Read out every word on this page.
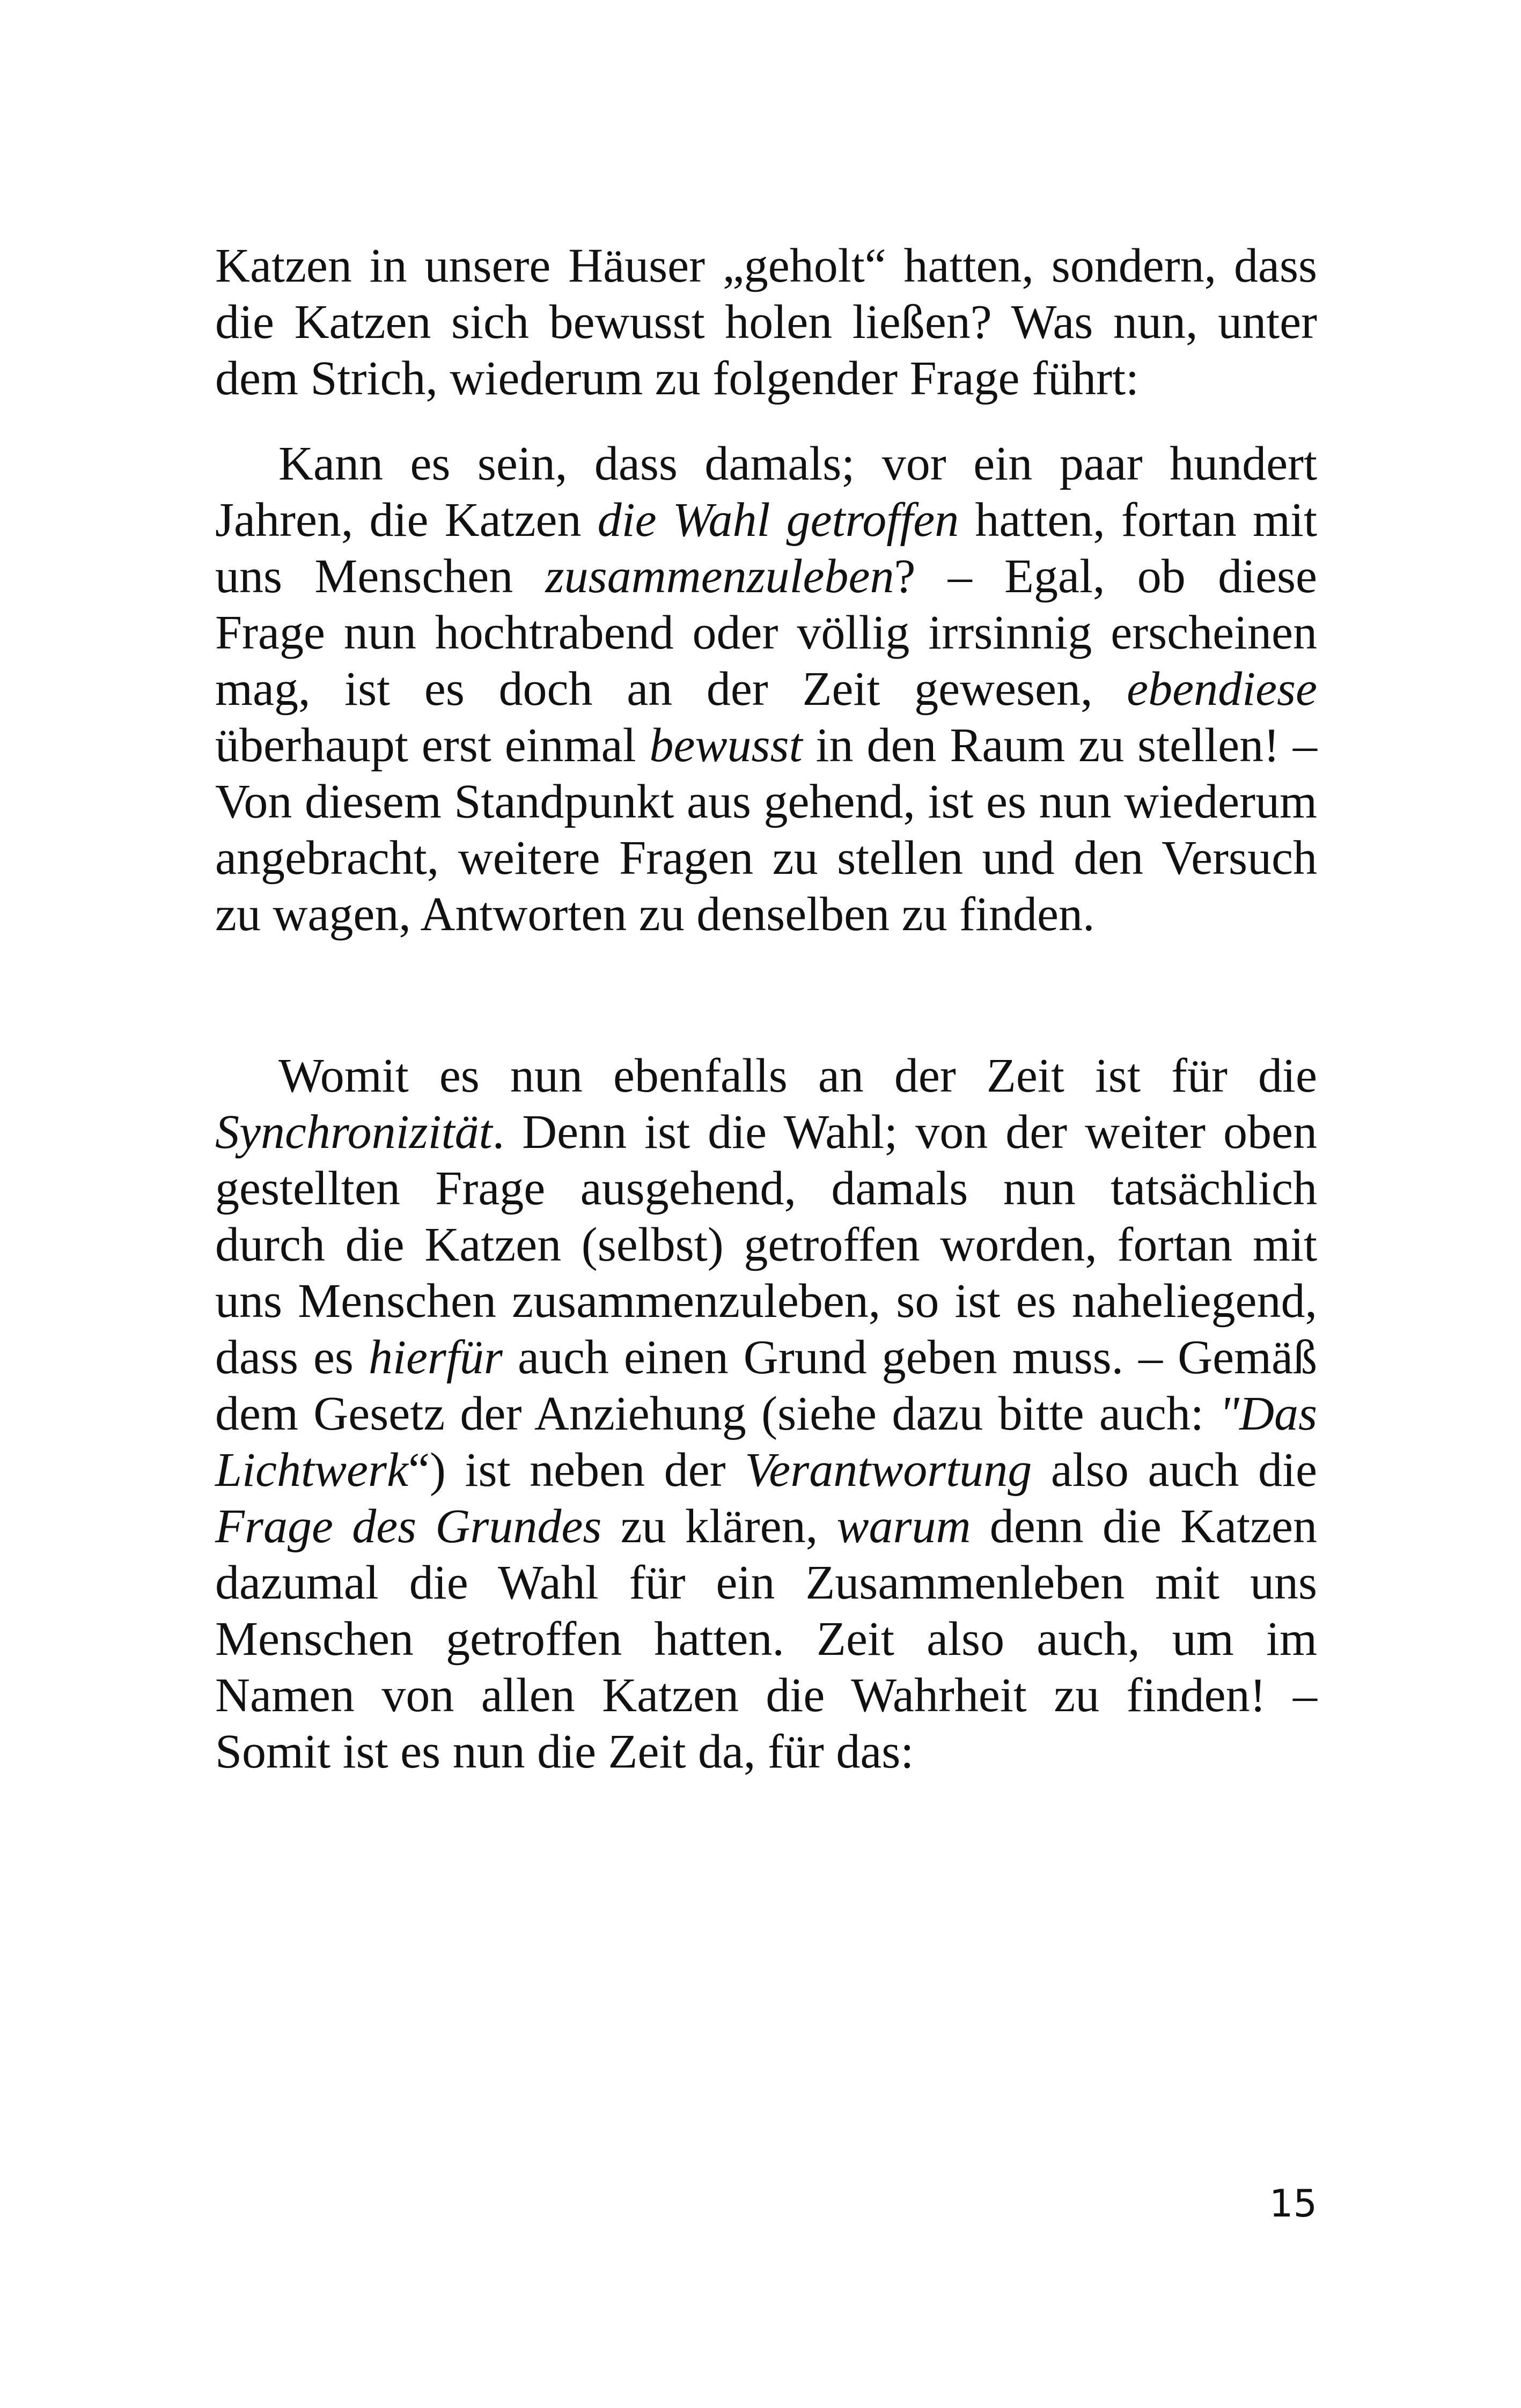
Katzen in unsere Häuser „geholt“ hatten, sondern, dass die Katzen sich bewusst holen ließen? Was nun, unter dem Strich, wiederum zu folgender Frage führt:

Kann es sein, dass damals; vor ein paar hundert Jahren, die Katzen die Wahl getroffen hatten, fortan mit uns Menschen zusammenzuleben? – Egal, ob diese Frage nun hochtrabend oder völlig irrsinnig erscheinen mag, ist es doch an der Zeit gewesen, ebendiese überhaupt erst einmal bewusst in den Raum zu stellen! – Von diesem Standpunkt aus gehend, ist es nun wiederum angebracht, weitere Fragen zu stellen und den Versuch zu wagen, Antworten zu denselben zu finden.

Womit es nun ebenfalls an der Zeit ist für die Synchronizität. Denn ist die Wahl; von der weiter oben gestellten Frage ausgehend, damals nun tatsächlich durch die Katzen (selbst) getroffen worden, fortan mit uns Menschen zusammenzuleben, so ist es naheliegend, dass es hierfür auch einen Grund geben muss. – Gemäß dem Gesetz der Anziehung (siehe dazu bitte auch: "Das Lichtwerk“) ist neben der Verantwortung also auch die Frage des Grundes zu klären, warum denn die Katzen dazumal die Wahl für ein Zusammenleben mit uns Menschen getroffen hatten. Zeit also auch, um im Namen von allen Katzen die Wahrheit zu finden! – Somit ist es nun die Zeit da, für das:

15
